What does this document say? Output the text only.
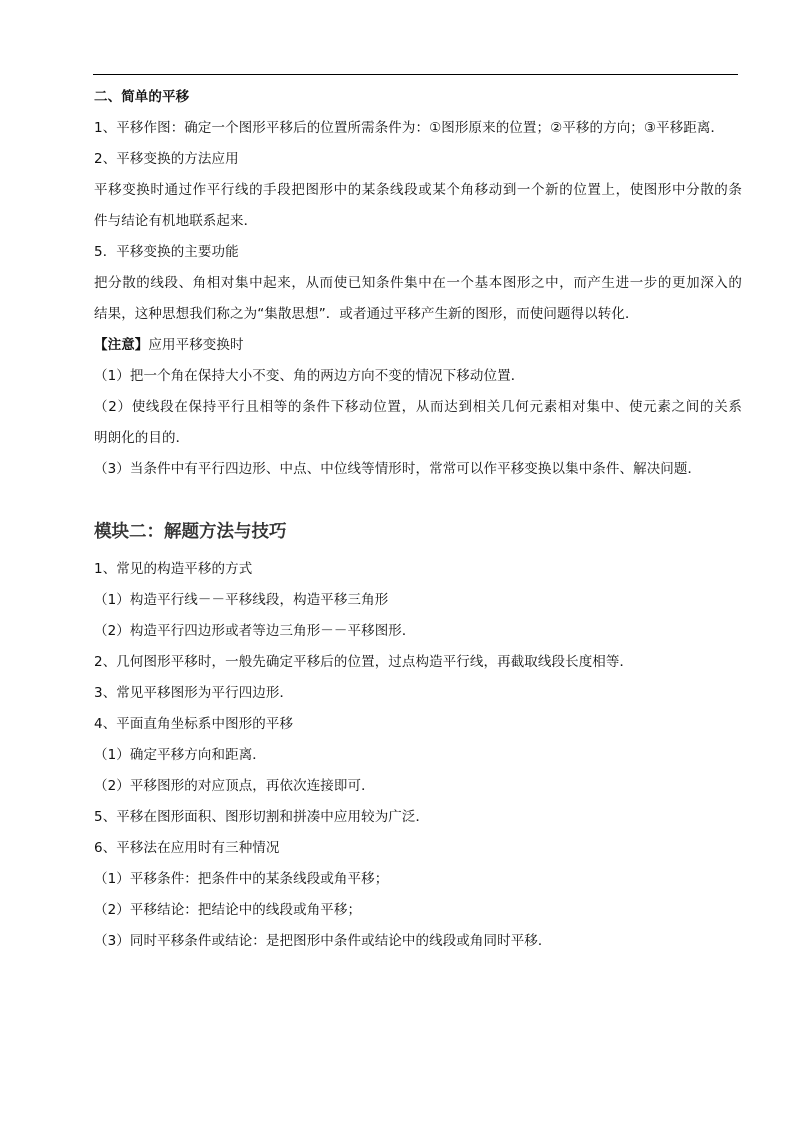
二、简单的平移
1、平移作图：确定一个图形平移后的位置所需条件为：①图形原来的位置；②平移的方向；③平移距离．
2、平移变换的方法应用
平移变换时通过作平行线的手段把图形中的某条线段或某个角移动到一个新的位置上，使图形中分散的条
件与结论有机地联系起来．
5．平移变换的主要功能
把分散的线段、角相对集中起来，从而使已知条件集中在一个基本图形之中，而产生进一步的更加深入的
结果，这种思想我们称之为“集散思想”．或者通过平移产生新的图形，而使问题得以转化．
【注意】应用平移变换时
（1）把一个角在保持大小不变、角的两边方向不变的情况下移动位置．
（2）使线段在保持平行且相等的条件下移动位置，从而达到相关几何元素相对集中、使元素之间的关系
明朗化的目的．
（3）当条件中有平行四边形、中点、中位线等情形时，常常可以作平移变换以集中条件、解决问题．
模块二：解题方法与技巧
1、常见的构造平移的方式
（1）构造平行线－－平移线段，构造平移三角形
（2）构造平行四边形或者等边三角形－－平移图形．
2、几何图形平移时，一般先确定平移后的位置，过点构造平行线，再截取线段长度相等．
3、常见平移图形为平行四边形．
4、平面直角坐标系中图形的平移
（1）确定平移方向和距离．
（2）平移图形的对应顶点，再依次连接即可．
5、平移在图形面积、图形切割和拼凑中应用较为广泛．
6、平移法在应用时有三种情况
（1）平移条件：把条件中的某条线段或角平移；
（2）平移结论：把结论中的线段或角平移；
（3）同时平移条件或结论：是把图形中条件或结论中的线段或角同时平移．
